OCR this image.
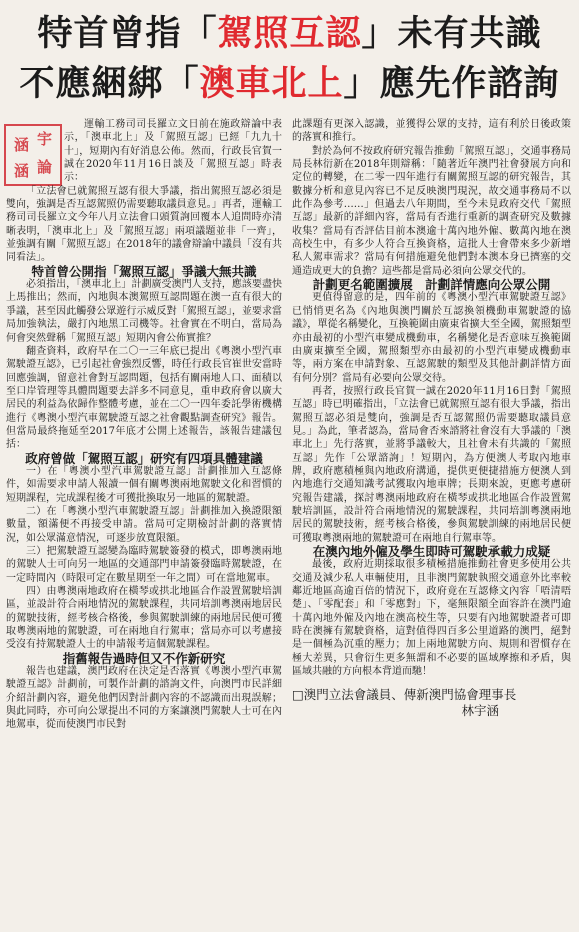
特首曾指「駕照互認」未有共識
不應綑綁「澳車北上」應先作諮詢
宇
論
涵
涵

運輸工務司司長羅立文日前在施政辯論中表示，「澳車北上」及「駕照互認」已經「九九十十」，短期內有好消息公佈。然而，行政長官賀一誠在2020年11月16日談及「駕照互認」時表示：

「立法會已就駕照互認有很大爭議，指出駕照互認必須是雙向，強調是否互認駕照仍需要聽取議員意見。」再者，運輸工務司司長羅立文今年八月立法會口頭質詢回覆本人追問時亦清晰表明，「澳車北上」及「駕照互認」兩項議題並非「一齊」，並強調有關「駕照互認」在2018年的議會辯論中議員「沒有共同看法」。

特首曾公開指「駕照互認」爭議大無共識

必須指出，「澳車北上」計劃廣受澳門人支持，應該要盡快上馬推出；然而，內地與本澳駕照互認問題在澳一直有很大的爭議，甚至因此觸發公眾遊行示威反對「駕照互認」，並要求當局加強執法，嚴打內地黑工司機等。社會實在不明白，當局為何會突然聲稱「駕照互認」短期內會公佈實推？

翻查資料，政府早在二〇一三年底已提出《粵澳小型汽車駕駛證互認》，已引起社會強烈反響，時任行政長官崔世安當時回應強調，留意社會對互認問題，包括有關兩地人口、面積以至口岸管理等具體問題要去詳多不同意見，重申政府會以廣大居民的利益為依歸作整體考慮，並在二〇一四年委託學術機構進行《粵澳小型汽車駕駛證互認之社會觀點調查研究》報告。但當局最終拖延至2017年底才公開上述報告，該報告建議包括：

政府曾做「駕照互認」研究有四項具體建議

一）在「粵澳小型汽車駕駛證互認」計劃推加入互認條件，如需要求申請人報讀一個有關粵澳兩地駕駛文化和習慣的短期課程，完成課程後才可獲批換取另一地區的駕駛證。

二）在「粵澳小型汽車駕駛證互認」計劃推加入換證限額數量，額滿便不再接受申請。當局可定期檢討計劃的落實情況，如公眾滿意情況，可逐步放寬限額。

三）把駕駛證互認變為臨時駕駛簽發的模式，即粵澳兩地的駕駛人士可向另一地區的交通部門申請簽發臨時駕駛證，在一定時間內（時限可定在數星期至一年之間）可在當地駕車。

四）由粵澳兩地政府在橫琴或拱北地區合作設置駕駛培訓區，並設計符合兩地情況的駕駛課程，共同培訓粵澳兩地居民的駕駛技術，經考核合格後，參與駕駛訓練的兩地居民便可獲取粵澳兩地的駕駛證，可在兩地自行駕車；當局亦可以考慮接受沒有持駕駛證人士的申請報考這個駕駛課程。

指舊報告過時但又不作新研究

報告也建議，澳門政府在決定是否落實《粵澳小型汽車駕駛證互認》計劃前，可製作計劃的諮詢文件，向澳門市民詳細介紹計劃內容，避免他們因對計劃內容的不認識而出現誤解；與此同時，亦可向公眾提出不同的方案讓澳門駕駛人士可在內地駕車，從而使澳門市民對

此課題有更深入認識，並獲得公眾的支持，這有利於日後政策的落實和推行。

對於為何不按政府研究報告推動「駕照互認」，交通事務局局長林衍新在2018年則辯稱：「隨著近年澳門社會發展方向和定位的轉變，在二零一四年進行有關駕照互認的研究報告，其數據分析和意見內容已不足反映澳門現況，故交通事務局不以此作為參考……」但過去八年期間，至今未見政府交代「駕照互認」最新的詳細內容，當局有否進行重新的調查研究及數據收集？當局有否評估目前本澳逾十萬內地外僱、數萬內地在澳高校生中，有多少人符合互換資格，這批人士會帶來多少新增私人駕車需求？當局有何措施避免他們對本澳本身已擠塞的交通造成更大的負擔？這些都是當局必須向公眾交代的。

計劃更名範圍擴展　計劃詳情應向公眾公開

更值得留意的是，四年前的《粵澳小型汽車駕駛證互認》已悄悄更名為《內地與澳門關於互認換領機動車駕駛證的協議》，單從名稱變化，互換範圍由廣東省擴大至全國，駕照類型亦由最初的小型汽車變成機動車，名稱變化是否意味互換範圍由廣東擴至全國，駕照類型亦由最初的小型汽車變成機動車等，兩方案在申請對象、互認駕駛的類型及其他計劃詳情方面有何分別？當局有必要向公眾交待。

再者，按照行政長官賀一誠在2020年11月16日對「駕照互認」時已明確指出，「立法會已就駕照互認有很大爭議，指出駕照互認必須是雙向，強調是否互認駕照仍需要聽取議員意見。」為此，筆者認為，當局會否來諮將社會沒有大爭議的「澳車北上」先行落實，並將爭議較大，且社會未有共識的「駕照互認」先作「公眾諮詢」！短期內，為方便澳人考取內地車牌，政府應積極與內地政府溝通，提供更便捷措施方便澳人到內地進行交通知識考試獲取內地車牌；長期來說，更應考慮研究報告建議，探討粵澳兩地政府在橫琴或拱北地區合作設置駕駛培訓區，設計符合兩地情況的駕駛課程，共同培訓粵澳兩地居民的駕駛技術，經考核合格後，參與駕駛訓練的兩地居民便可獲取粵澳兩地的駕駛證可在兩地自行駕車等。

在澳內地外僱及學生即時可駕駛承載力成疑

最後，政府近期採取很多積極措施推動社會更多使用公共交通及減少私人車輛使用，且非澳門駕駛執照交通意外比率較鄰近地區高逾百倍的情況下，政府竟在互認條文內容「唔清唔楚」、「零配套」和「零應對」下，毫無限額全面容許在澳門逾十萬內地外僱及內地在澳高校生等，只要有內地駕駛證者可即時在澳擁有駕駛資格，這對值得四百多公里道路的澳門，絕對是一個極為沉重的壓力；加上兩地駕駛方向、規則和習慣存在極大差異，只會衍生更多無謂和不必要的區域摩擦和矛盾，與區域共融的方向根本背道而馳！

□澳門立法會議員、傳新澳門協會理事長
林宇涵
